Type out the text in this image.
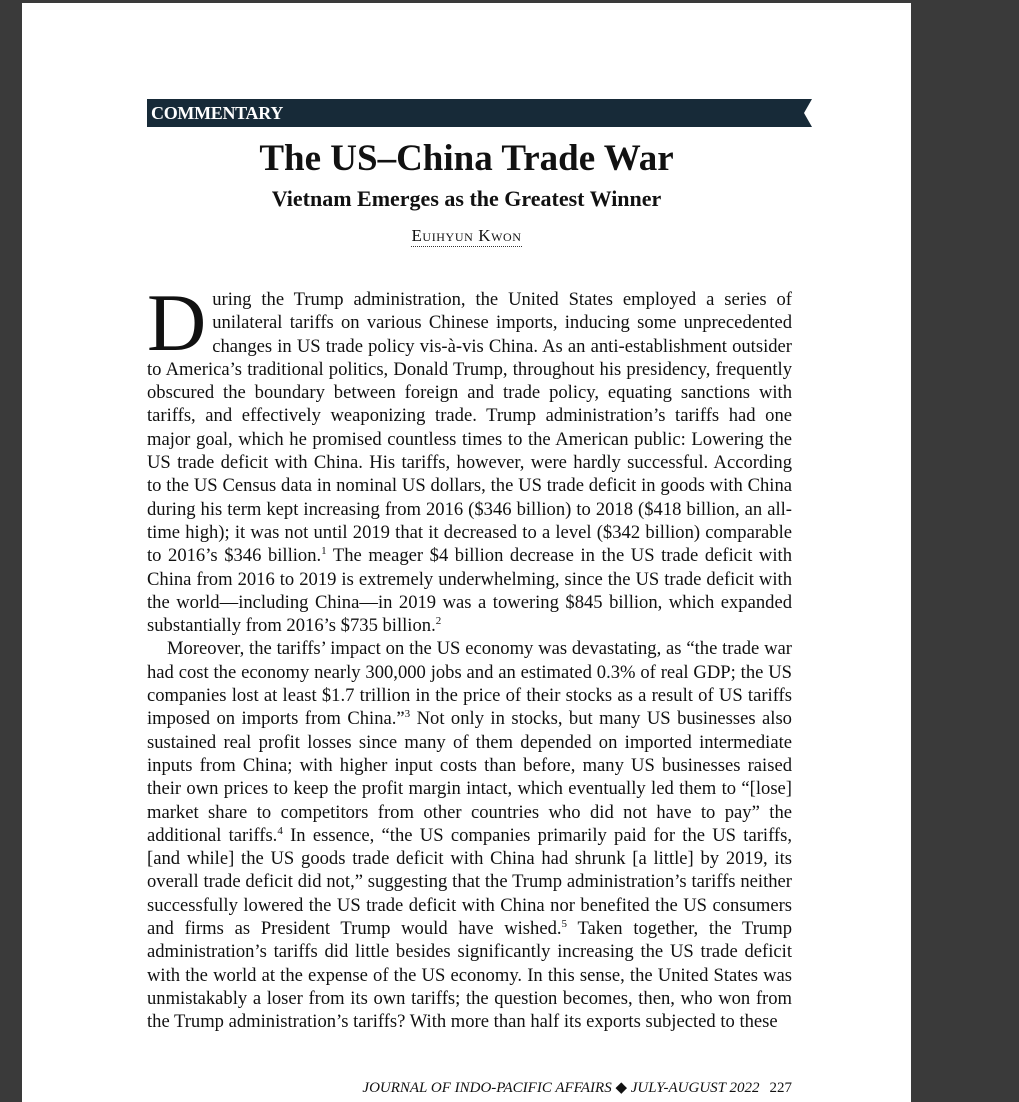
COMMENTARY
The US–China Trade War
Vietnam Emerges as the Greatest Winner
Euihyun Kwon

During the Trump administration, the United States employed a series of unilateral tariffs on various Chinese imports, inducing some unprecedented changes in US trade policy vis-à-vis China. As an anti-establishment outsider to America’s traditional politics, Donald Trump, throughout his presidency, frequently obscured the boundary between foreign and trade policy, equating sanctions with tariffs, and effectively weaponizing trade. Trump administration’s tariffs had one major goal, which he promised countless times to the American public: Lowering the US trade deficit with China. His tariffs, however, were hardly successful. According to the US Census data in nominal US dollars, the US trade deficit in goods with China during his term kept increasing from 2016 ($346 billion) to 2018 ($418 billion, an all-time high); it was not until 2019 that it decreased to a level ($342 billion) comparable to 2016’s $346 billion.$^1$ The meager $4 billion decrease in the US trade deficit with China from 2016 to 2019 is extremely underwhelming, since the US trade deficit with the world—including China—in 2019 was a towering $845 billion, which expanded substantially from 2016’s $735 billion.$^2$

Moreover, the tariffs’ impact on the US economy was devastating, as “the trade war had cost the economy nearly 300,000 jobs and an estimated 0.3% of real GDP; the US companies lost at least $1.7 trillion in the price of their stocks as a result of US tariffs imposed on imports from China.”$^3$ Not only in stocks, but many US businesses also sustained real profit losses since many of them depended on imported intermediate inputs from China; with higher input costs than before, many US businesses raised their own prices to keep the profit margin intact, which eventually led them to “[lose] market share to competitors from other countries who did not have to pay” the additional tariffs.$^4$ In essence, “the US companies primarily paid for the US tariffs, [and while] the US goods trade deficit with China had shrunk [a little] by 2019, its overall trade deficit did not,” suggesting that the Trump administration’s tariffs neither successfully lowered the US trade deficit with China nor benefited the US consumers and firms as President Trump would have wished.$^5$ Taken together, the Trump administration’s tariffs did little besides significantly increasing the US trade deficit with the world at the expense of the US economy. In this sense, the United States was unmistakably a loser from its own tariffs; the question becomes, then, who won from the Trump administration’s tariffs? With more than half its exports subjected to these

JOURNAL OF INDO-PACIFIC AFFAIRS ◆ JULY-AUGUST 2022 227
